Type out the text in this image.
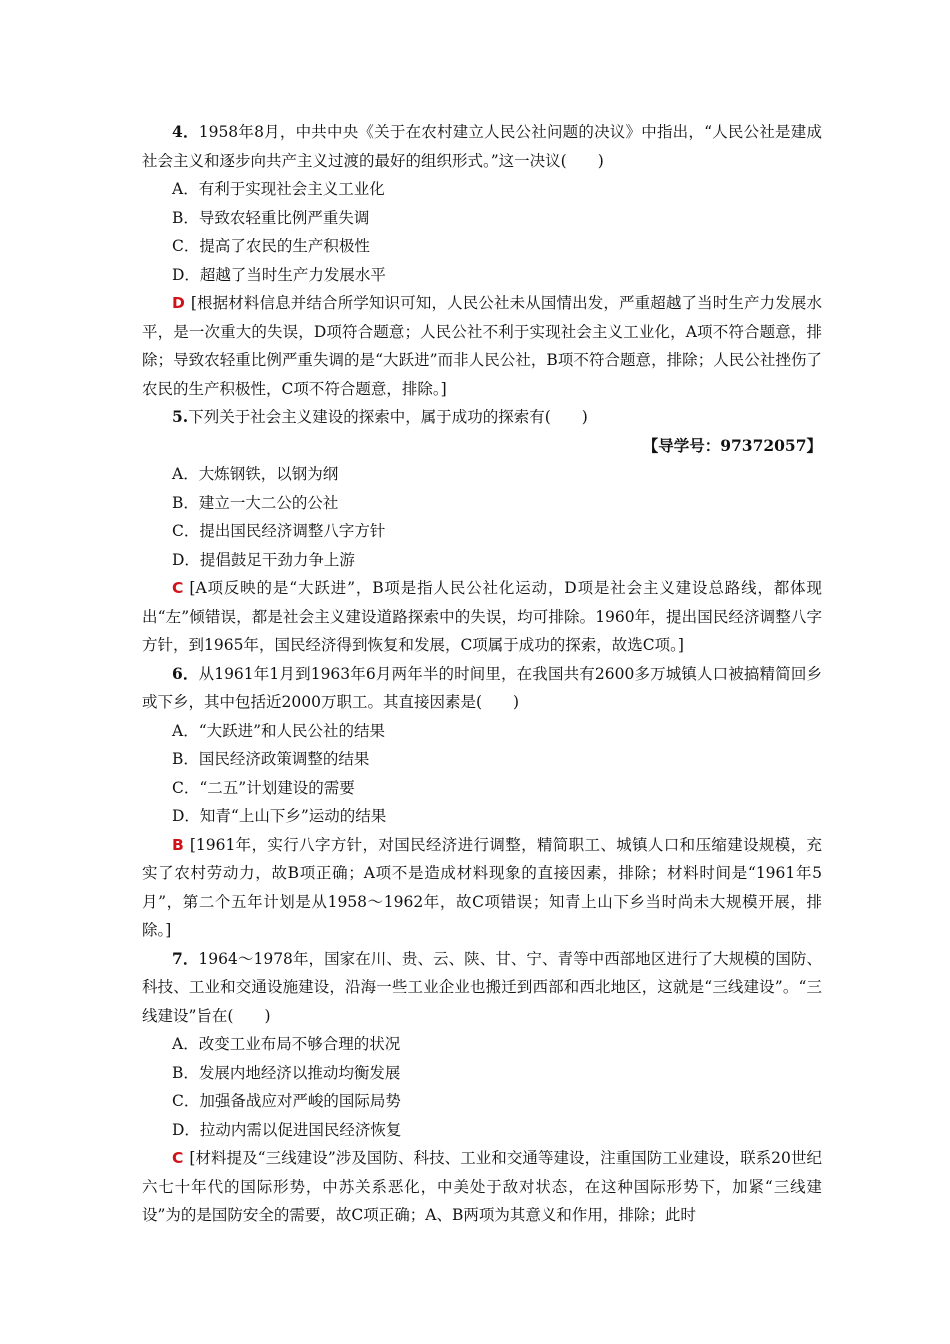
4．1958年8月，中共中央《关于在农村建立人民公社问题的决议》中指出，“人民公社是建成社会主义和逐步向共产主义过渡的最好的组织形式。”这一决议(　　)

A．有利于实现社会主义工业化

B．导致农轻重比例严重失调

C．提高了农民的生产积极性

D．超越了当时生产力发展水平

D [根据材料信息并结合所学知识可知，人民公社未从国情出发，严重超越了当时生产力发展水平，是一次重大的失误，D项符合题意；人民公社不利于实现社会主义工业化，A项不符合题意，排除；导致农轻重比例严重失调的是“大跃进”而非人民公社，B项不符合题意，排除；人民公社挫伤了农民的生产积极性，C项不符合题意，排除。]

5.下列关于社会主义建设的探索中，属于成功的探索有(　　)

【导学号：97372057】

A．大炼钢铁，以钢为纲

B．建立一大二公的公社

C．提出国民经济调整八字方针

D．提倡鼓足干劲力争上游

C [A项反映的是“大跃进”，B项是指人民公社化运动，D项是社会主义建设总路线，都体现出“左”倾错误，都是社会主义建设道路探索中的失误，均可排除。1960年，提出国民经济调整八字方针，到1965年，国民经济得到恢复和发展，C项属于成功的探索，故选C项。]

6．从1961年1月到1963年6月两年半的时间里，在我国共有2600多万城镇人口被搞精简回乡或下乡，其中包括近2000万职工。其直接因素是(　　)

A．“大跃进”和人民公社的结果

B．国民经济政策调整的结果

C．“二五”计划建设的需要

D．知青“上山下乡”运动的结果

B [1961年，实行八字方针，对国民经济进行调整，精简职工、城镇人口和压缩建设规模，充实了农村劳动力，故B项正确；A项不是造成材料现象的直接因素，排除；材料时间是“1961年5月”，第二个五年计划是从1958～1962年，故C项错误；知青上山下乡当时尚未大规模开展，排除。]

7．1964～1978年，国家在川、贵、云、陕、甘、宁、青等中西部地区进行了大规模的国防、科技、工业和交通设施建设，沿海一些工业企业也搬迁到西部和西北地区，这就是“三线建设”。“三线建设”旨在(　　)

A．改变工业布局不够合理的状况

B．发展内地经济以推动均衡发展

C．加强备战应对严峻的国际局势

D．拉动内需以促进国民经济恢复

C [材料提及“三线建设”涉及国防、科技、工业和交通等建设，注重国防工业建设，联系20世纪六七十年代的国际形势，中苏关系恶化，中美处于敌对状态，在这种国际形势下，加紧“三线建设”为的是国防安全的需要，故C项正确；A、B两项为其意义和作用，排除；此时
